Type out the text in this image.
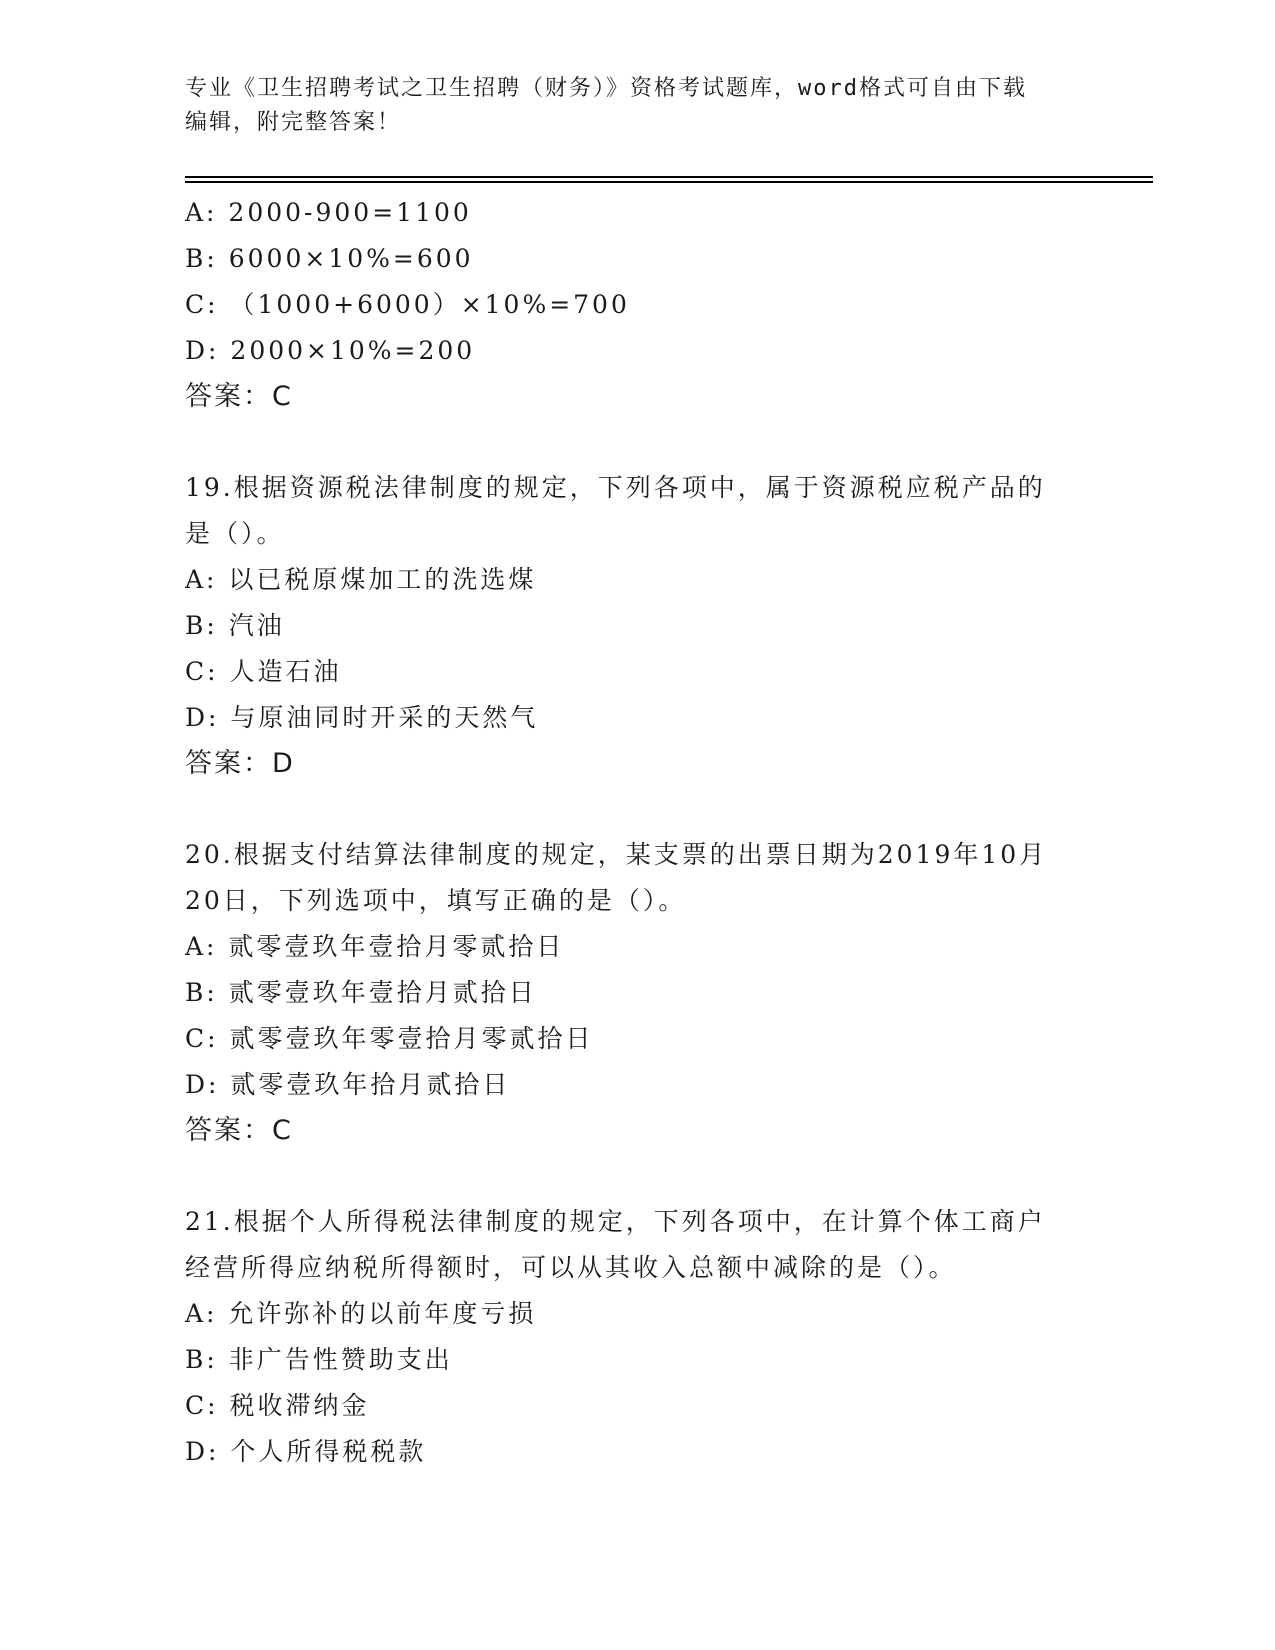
专业《卫生招聘考试之卫生招聘（财务）》资格考试题库，word格式可自由下载
编辑，附完整答案！
A: 2000-900=1100
B: 6000×10%=600
C: （1000+6000）×10%=700
D: 2000×10%=200
答案：C
19.根据资源税法律制度的规定，下列各项中，属于资源税应税产品的
是（）。
A: 以已税原煤加工的洗选煤
B: 汽油
C: 人造石油
D: 与原油同时开采的天然气
答案：D
20.根据支付结算法律制度的规定，某支票的出票日期为2019年10月
20日，下列选项中，填写正确的是（）。
A: 贰零壹玖年壹拾月零贰拾日
B: 贰零壹玖年壹拾月贰拾日
C: 贰零壹玖年零壹拾月零贰拾日
D: 贰零壹玖年拾月贰拾日
答案：C
21.根据个人所得税法律制度的规定，下列各项中，在计算个体工商户
经营所得应纳税所得额时，可以从其收入总额中减除的是（）。
A: 允许弥补的以前年度亏损
B: 非广告性赞助支出
C: 税收滞纳金
D: 个人所得税税款
